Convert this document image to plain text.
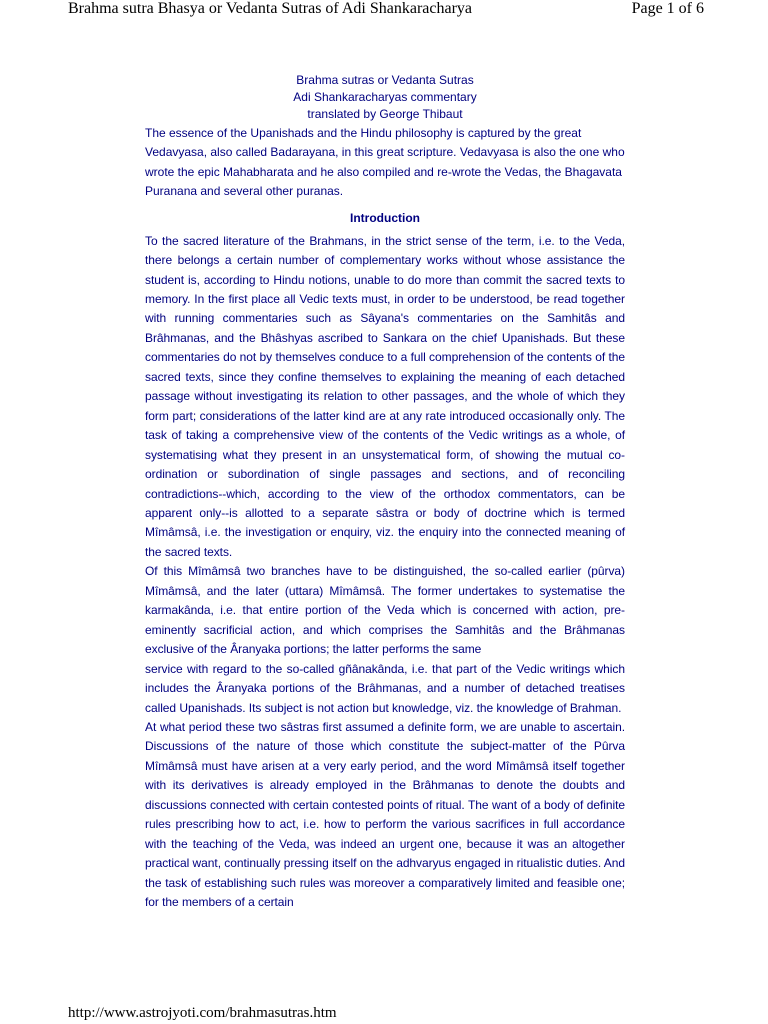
Brahma sutra Bhasya or Vedanta Sutras of Adi Shankaracharya	Page 1 of 6
Brahma sutras or Vedanta Sutras
Adi Shankaracharyas commentary
translated by George Thibaut

The essence of the Upanishads and the Hindu philosophy is captured by the great Vedavyasa, also called Badarayana, in this great scripture. Vedavyasa is also the one who wrote the epic Mahabharata and he also compiled and re-wrote the Vedas, the Bhagavata Puranana and several other puranas.

Introduction

To the sacred literature of the Brahmans, in the strict sense of the term, i.e. to the Veda, there belongs a certain number of complementary works without whose assistance the student is, according to Hindu notions, unable to do more than commit the sacred texts to memory. In the first place all Vedic texts must, in order to be understood, be read together with running commentaries such as Sâyana's commentaries on the Samhitâs and Brâhmanas, and the Bhâshyas ascribed to Sankara on the chief Upanishads. But these commentaries do not by themselves conduce to a full comprehension of the contents of the sacred texts, since they confine themselves to explaining the meaning of each detached passage without investigating its relation to other passages, and the whole of which they form part; considerations of the latter kind are at any rate introduced occasionally only. The task of taking a comprehensive view of the contents of the Vedic writings as a whole, of systematising what they present in an unsystematical form, of showing the mutual co-ordination or subordination of single passages and sections, and of reconciling contradictions--which, according to the view of the orthodox commentators, can be apparent only--is allotted to a separate sâstra or body of doctrine which is termed Mîmâmsâ, i.e. the investigation or enquiry, viz. the enquiry into the connected meaning of the sacred texts.

Of this Mîmâmsâ two branches have to be distinguished, the so-called earlier (pûrva) Mîmâmsâ, and the later (uttara) Mîmâmsâ. The former undertakes to systematise the karmakânda, i.e. that entire portion of the Veda which is concerned with action, pre-eminently sacrificial action, and which comprises the Samhitâs and the Brâhmanas exclusive of the Âranyaka portions; the latter performs the same

service with regard to the so-called gñânakânda, i.e. that part of the Vedic writings which includes the Âranyaka portions of the Brâhmanas, and a number of detached treatises called Upanishads. Its subject is not action but knowledge, viz. the knowledge of Brahman.

At what period these two sâstras first assumed a definite form, we are unable to ascertain. Discussions of the nature of those which constitute the subject-matter of the Pûrva Mîmâmsâ must have arisen at a very early period, and the word Mîmâmsâ itself together with its derivatives is already employed in the Brâhmanas to denote the doubts and discussions connected with certain contested points of ritual. The want of a body of definite rules prescribing how to act, i.e. how to perform the various sacrifices in full accordance with the teaching of the Veda, was indeed an urgent one, because it was an altogether practical want, continually pressing itself on the adhvaryus engaged in ritualistic duties. And the task of establishing such rules was moreover a comparatively limited and feasible one; for the members of a certain

http://www.astrojyoti.com/brahmasutras.htm
